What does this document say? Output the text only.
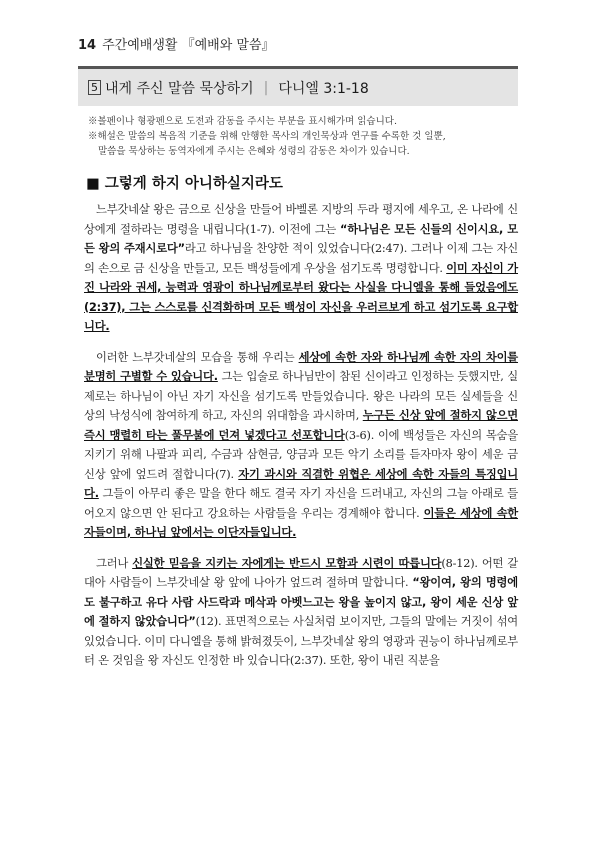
14 주간예배생활 『예배와 말씀』
5 내게 주신 말씀 묵상하기 | 다니엘 3:1-18

※볼펜이나 형광펜으로 도전과 감동을 주시는 부분을 표시해가며 읽습니다.

※해설은 말씀의 복음적 기준을 위해 안행한 목사의 개인묵상과 연구를 수록한 것 일뿐,

말씀을 묵상하는 동역자에게 주시는 은혜와 성령의 감동은 차이가 있습니다.

■ 그렇게 하지 아니하실지라도

느부갓네살 왕은 금으로 신상을 만들어 바벨론 지방의 두라 평지에 세우고, 온 나라에 신상에게 절하라는 명령을 내립니다(1-7). 이전에 그는 “하나님은 모든 신들의 신이시요, 모든 왕의 주재시로다”라고 하나님을 찬양한 적이 있었습니다(2:47). 그러나 이제 그는 자신의 손으로 금 신상을 만들고, 모든 백성들에게 우상을 섬기도록 명령합니다. 이미 자신이 가진 나라와 권세, 능력과 영광이 하나님께로부터 왔다는 사실을 다니엘을 통해 들었음에도(2:37), 그는 스스로를 신격화하며 모든 백성이 자신을 우러르보게 하고 섬기도록 요구합니다.

이러한 느부갓네살의 모습을 통해 우리는 세상에 속한 자와 하나님께 속한 자의 차이를 분명히 구별할 수 있습니다. 그는 입술로 하나님만이 참된 신이라고 인정하는 듯했지만, 실제로는 하나님이 아닌 자기 자신을 섬기도록 만들었습니다. 왕은 나라의 모든 실세들을 신상의 낙성식에 참여하게 하고, 자신의 위대함을 과시하며, 누구든 신상 앞에 절하지 않으면 즉시 맹렬히 타는 풀무불에 던져 넣겠다고 선포합니다(3-6). 이에 백성들은 자신의 목숨을 지키기 위해 나팔과 피리, 수금과 삼현금, 양금과 모든 악기 소리를 듣자마자 왕이 세운 금 신상 앞에 엎드려 절합니다(7). 자기 과시와 직결한 위협은 세상에 속한 자들의 특징입니다. 그들이 아무리 좋은 말을 한다 해도 결국 자기 자신을 드러내고, 자신의 그늘 아래로 들어오지 않으면 안 된다고 강요하는 사람들을 우리는 경계해야 합니다. 이들은 세상에 속한 자들이며, 하나님 앞에서는 이단자들입니다.

그러나 신실한 믿음을 지키는 자에게는 반드시 모함과 시련이 따릅니다(8-12). 어떤 갈대아 사람들이 느부갓네살 왕 앞에 나아가 엎드려 절하며 말합니다. “왕이여, 왕의 명령에도 불구하고 유다 사람 사드락과 메삭과 아벳느고는 왕을 높이지 않고, 왕이 세운 신상 앞에 절하지 않았습니다”(12). 표면적으로는 사실처럼 보이지만, 그들의 말에는 거짓이 섞여 있었습니다. 이미 다니엘을 통해 밝혀졌듯이, 느부갓네살 왕의 영광과 권능이 하나님께로부터 온 것임을 왕 자신도 인정한 바 있습니다(2:37). 또한, 왕이 내린 직분을
